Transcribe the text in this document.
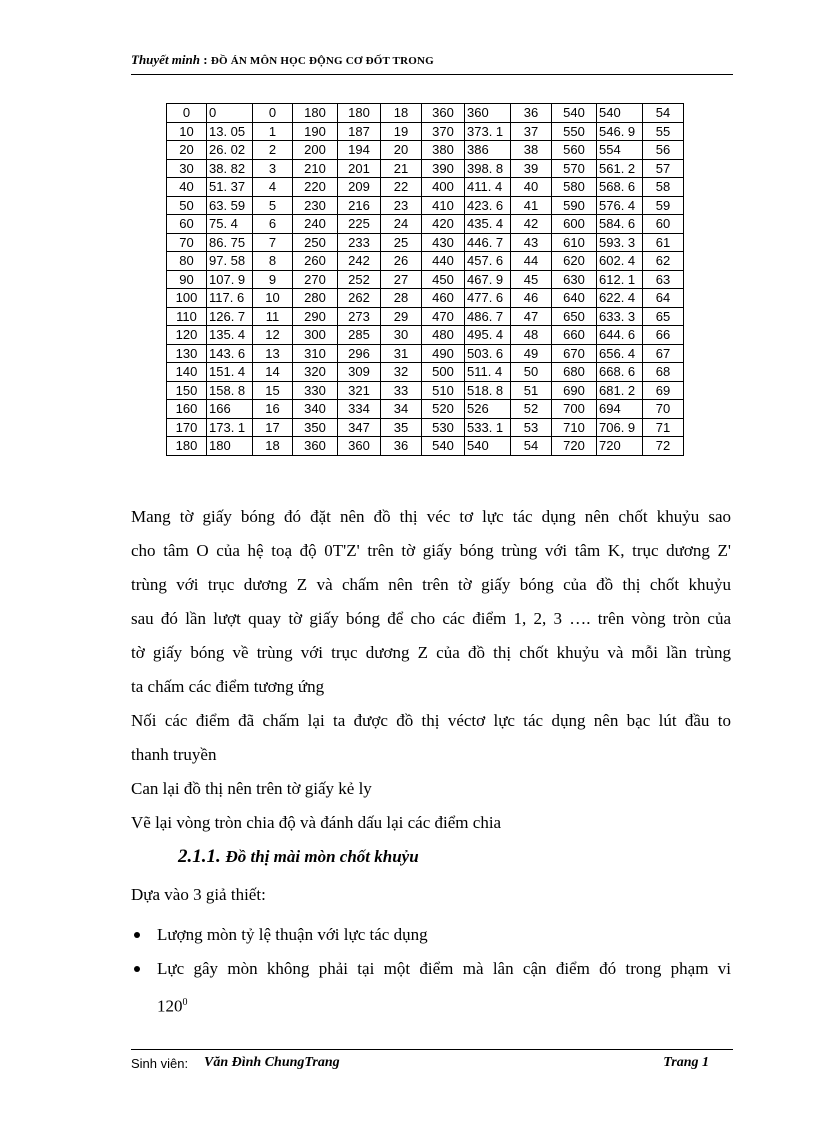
Thuyết minh : ĐỒ ÁN MÔN HỌC ĐỘNG CƠ ĐỐT TRONG
0	0	0	180	180	18	360	360	36	540	540	54
10	13. 05	1	190	187	19	370	373. 1	37	550	546. 9	55
20	26. 02	2	200	194	20	380	386	38	560	554	56
30	38. 82	3	210	201	21	390	398. 8	39	570	561. 2	57
40	51. 37	4	220	209	22	400	411. 4	40	580	568. 6	58
50	63. 59	5	230	216	23	410	423. 6	41	590	576. 4	59
60	75. 4	6	240	225	24	420	435. 4	42	600	584. 6	60
70	86. 75	7	250	233	25	430	446. 7	43	610	593. 3	61
80	97. 58	8	260	242	26	440	457. 6	44	620	602. 4	62
90	107. 9	9	270	252	27	450	467. 9	45	630	612. 1	63
100	117. 6	10	280	262	28	460	477. 6	46	640	622. 4	64
110	126. 7	11	290	273	29	470	486. 7	47	650	633. 3	65
120	135. 4	12	300	285	30	480	495. 4	48	660	644. 6	66
130	143. 6	13	310	296	31	490	503. 6	49	670	656. 4	67
140	151. 4	14	320	309	32	500	511. 4	50	680	668. 6	68
150	158. 8	15	330	321	33	510	518. 8	51	690	681. 2	69
160	166	16	340	334	34	520	526	52	700	694	70
170	173. 1	17	350	347	35	530	533. 1	53	710	706. 9	71
180	180	18	360	360	36	540	540	54	720	720	72

Mang tờ giấy bóng đó đặt nên đồ thị véc tơ lực tác dụng nên chốt khuỷu sao

cho tâm O của hệ toạ độ 0T'Z' trên tờ giấy bóng trùng với tâm K, trục dương Z'

trùng với trục dương Z và chấm nên trên tờ giấy bóng của đồ thị chốt khuỷu

sau đó lần lượt quay tờ giấy bóng để cho các điểm 1, 2, 3 …. trên vòng tròn của

tờ giấy bóng về trùng với trục dương Z của đồ thị chốt khuỷu và mỗi lần trùng

ta chấm các điểm tương ứng

Nối các điểm đã chấm lại ta được đồ thị véctơ lực tác dụng nên bạc lút đầu to

thanh truyền

Can lại đồ thị nên trên tờ giấy kẻ ly

Vẽ lại vòng tròn chia độ và đánh dấu lại các điểm chia

2.1.1. Đồ thị mài mòn chốt khuỷu
Dựa vào 3 giả thiết:
Lượng mòn tỷ lệ thuận với lực tác dụng
Lực gây mòn không phải tại một điểm mà lân cận điểm đó trong phạm vi
$120^0$
Sinh viên: Văn Đình ChungTrang	Trang 1
